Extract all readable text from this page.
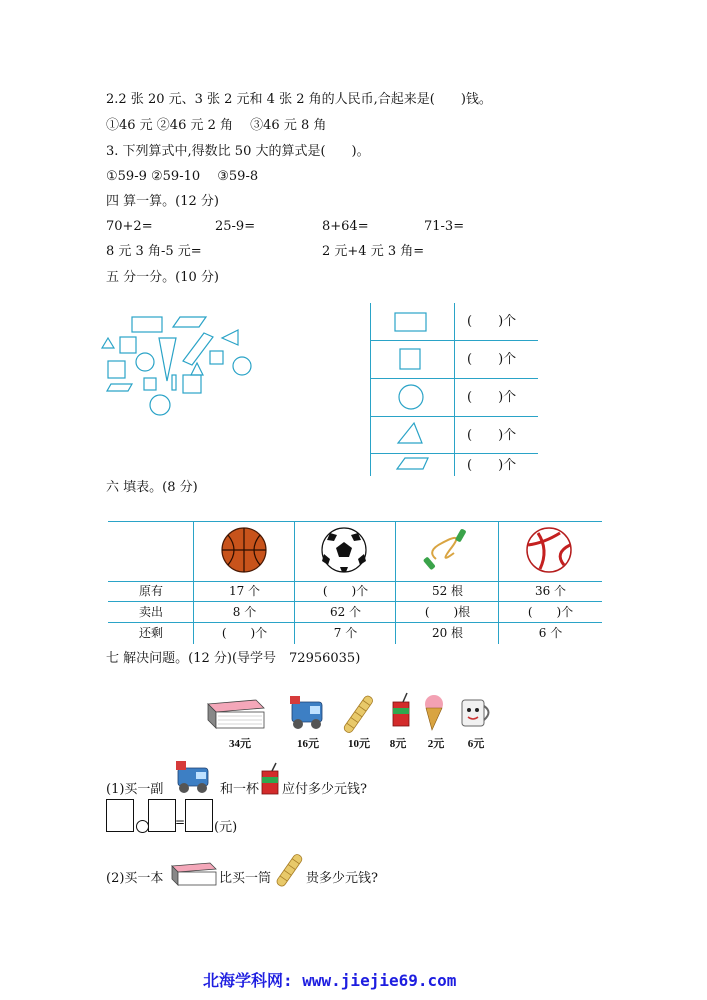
2.2 张 20 元、3 张 2 元和 4 张 2 角的人民币,合起来是(　　)钱。
①46 元 ②46 元 2 角　 ③46 元 8 角
3. 下列算式中,得数比 50 大的算式是(　　)。
①59-9 ②59-10　 ③59-8
四 算一算。(12 分)
70+2=	25-9=	8+64=	71-3=
8 元 3 角-5 元=	2 元+4 元 3 角=
五 分一分。(10 分)
(　　)个
(　　)个
(　　)个
(　　)个
(　　)个
六 填表。(8 分)
原有	17 个	(　　)个	52 根	36 个
卖出	8 个	62 个	(　　)根	(　　)个
还剩	(　　)个	7 个	20 根	6 个
七 解决问题。(12 分)(导学号　72956035)
34元	16元	10元	8元	2元	6元
(1)买一副	和一杯 应付多少元钱?
= (元)
(2)买一本	比买一筒	贵多少元钱?
北海学科网: www.jiejie69.com
